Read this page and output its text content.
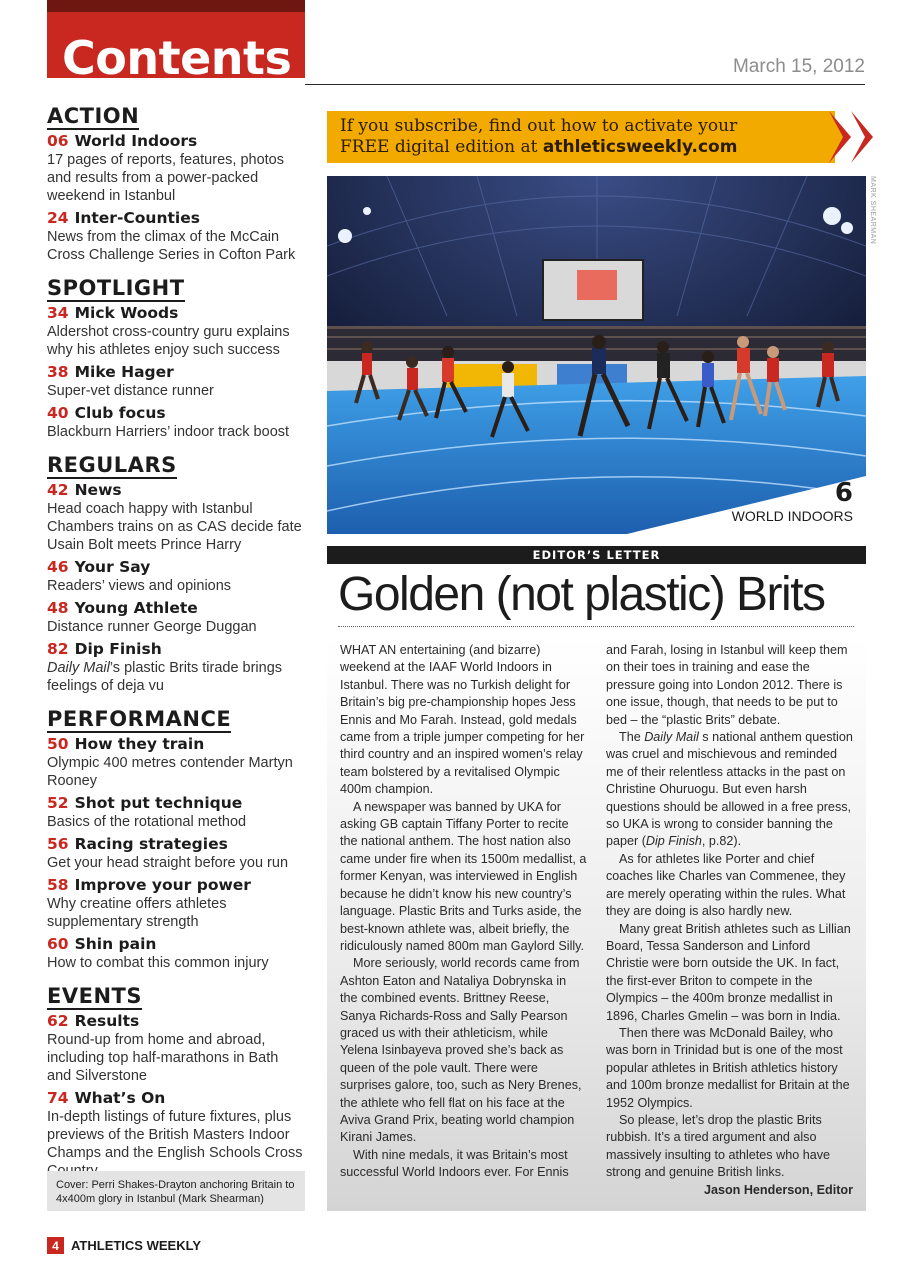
Contents	March 15, 2012
ACTION
06 World Indoors
17 pages of reports, features, photos and results from a power-packed weekend in Istanbul
24 Inter-Counties
News from the climax of the McCain Cross Challenge Series in Cofton Park
SPOTLIGHT
34 Mick Woods
Aldershot cross-country guru explains why his athletes enjoy such success
38 Mike Hager
Super-vet distance runner
40 Club focus
Blackburn Harriers’ indoor track boost
REGULARS
42 News
Head coach happy with Istanbul
Chambers trains on as CAS decide fate
Usain Bolt meets Prince Harry
46 Your Say
Readers’ views and opinions
48 Young Athlete
Distance runner George Duggan
82 Dip Finish
Daily Mail’s plastic Brits tirade brings feelings of deja vu
PERFORMANCE
50 How they train
Olympic 400 metres contender Martyn Rooney
52 Shot put technique
Basics of the rotational method
56 Racing strategies
Get your head straight before you run
58 Improve your power
Why creatine offers athletes supplementary strength
60 Shin pain
How to combat this common injury
EVENTS
62 Results
Round-up from home and abroad, including top half-marathons in Bath and Silverstone
74 What’s On
In-depth listings of future fixtures, plus previews of the British Masters Indoor Champs and the English Schools Cross
Cover: Perri Shakes-Drayton anchoring Britain to 4x400m glory in Istanbul (Mark Shearman)
4 ATHLETICS WEEKLY
If you subscribe, find out how to activate your
FREE digital edition at athleticsweekly.com
MARK SHEARMAN
6
WORLD INDOORS
EDITOR’S LETTER
Golden (not plastic) Brits

WHAT AN entertaining (and bizarre) weekend at the IAAF World Indoors in Istanbul. There was no Turkish delight for Britain’s big pre-championship hopes Jess Ennis and Mo Farah. Instead, gold medals came from a triple jumper competing for her third country and an inspired women’s relay team bolstered by a revitalised Olympic 400m champion.

A newspaper was banned by UKA for asking GB captain Tiffany Porter to recite the national anthem. The host nation also came under fire when its 1500m medallist, a former Kenyan, was interviewed in English because he didn’t know his new country’s language. Plastic Brits and Turks aside, the best-known athlete was, albeit briefly, the ridiculously named 800m man Gaylord Silly.

More seriously, world records came from Ashton Eaton and Nataliya Dobrynska in the combined events. Brittney Reese, Sanya Richards-Ross and Sally Pearson graced us with their athleticism, while Yelena Isinbayeva proved she’s back as queen of the pole vault. There were surprises galore, too, such as Nery Brenes, the athlete who fell flat on his face at the Aviva Grand Prix, beating world champion Kirani James.

With nine medals, it was Britain’s most successful World Indoors ever. For Ennis

and Farah, losing in Istanbul will keep them on their toes in training and ease the pressure going into London 2012. There is one issue, though, that needs to be put to bed – the “plastic Brits” debate.

The Daily Mail s national anthem question was cruel and mischievous and reminded me of their relentless attacks in the past on Christine Ohuruogu. But even harsh questions should be allowed in a free press, so UKA is wrong to consider banning the paper (Dip Finish, p.82).

As for athletes like Porter and chief coaches like Charles van Commenee, they are merely operating within the rules. What they are doing is also hardly new.

Many great British athletes such as Lillian Board, Tessa Sanderson and Linford Christie were born outside the UK. In fact, the first-ever Briton to compete in the Olympics – the 400m bronze medallist in 1896, Charles Gmelin – was born in India.

Then there was McDonald Bailey, who was born in Trinidad but is one of the most popular athletes in British athletics history and 100m bronze medallist for Britain at the 1952 Olympics.

So please, let’s drop the plastic Brits rubbish. It’s a tired argument and also massively insulting to athletes who have strong and genuine British links.

Jason Henderson, Editor
